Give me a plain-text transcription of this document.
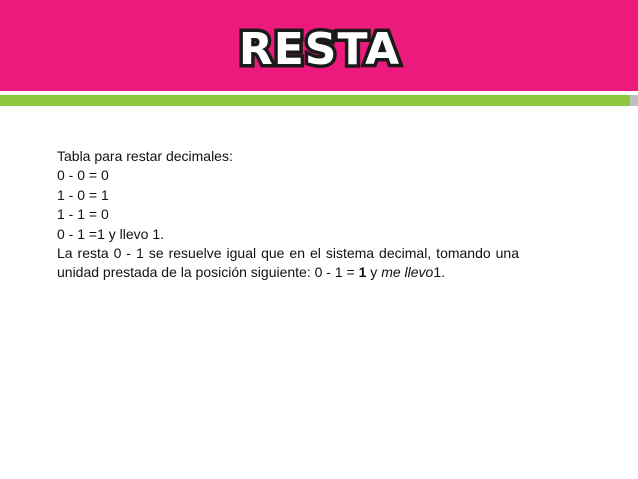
RESTA
Tabla para restar decimales:
0 - 0 = 0
1 - 0 = 1
1 - 1 = 0
0 - 1 =1 y llevo 1.
La resta 0 - 1 se resuelve igual que en el sistema decimal, tomando una unidad prestada de la posición siguiente: 0 - 1 = 1 y me llevo1.
